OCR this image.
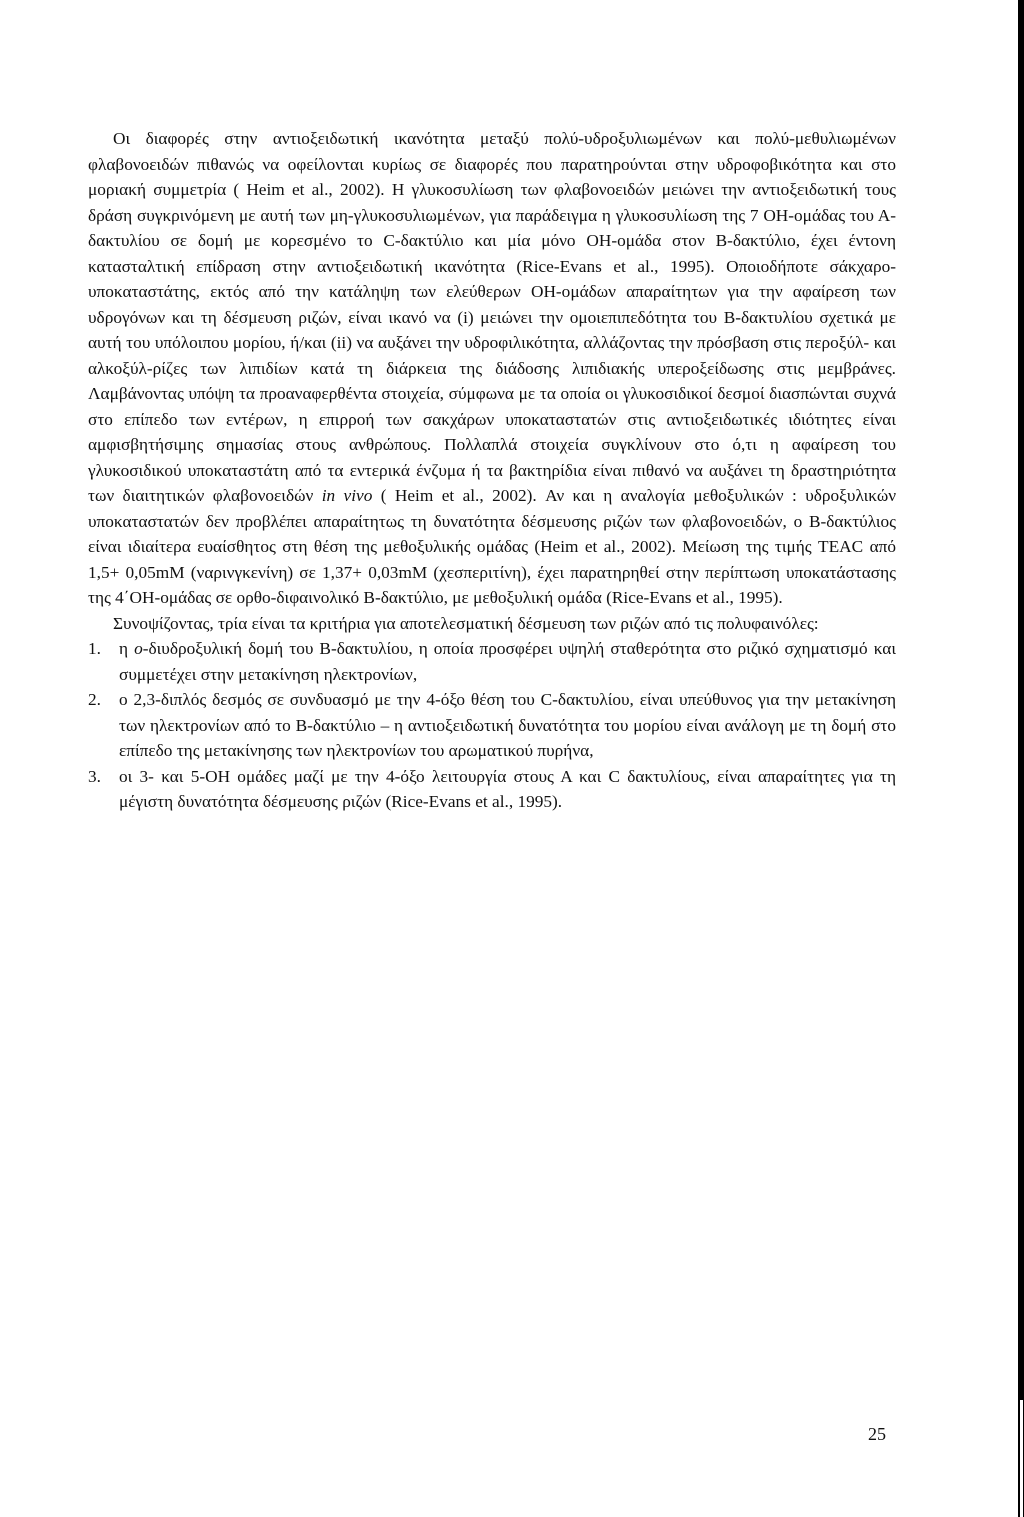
Οι διαφορές στην αντιοξειδωτική ικανότητα μεταξύ πολύ-υδροξυλιωμένων και πολύ-μεθυλιωμένων φλαβονοειδών πιθανώς να οφείλονται κυρίως σε διαφορές που παρατηρούνται στην υδροφοβικότητα και στο μοριακή συμμετρία ( Heim et al., 2002). Η γλυκοσυλίωση των φλαβονοειδών μειώνει την αντιοξειδωτική τους δράση συγκρινόμενη με αυτή των μη-γλυκοσυλιωμένων, για παράδειγμα η γλυκοσυλίωση της 7 ΟΗ-ομάδας του Α- δακτυλίου σε δομή με κορεσμένο το C-δακτύλιο και μία μόνο ΟΗ-ομάδα στον Β-δακτύλιο, έχει έντονη κατασταλτική επίδραση στην αντιοξειδωτική ικανότητα (Rice-Evans et al., 1995). Οποιοδήποτε σάκχαρο-υποκαταστάτης, εκτός από την κατάληψη των ελεύθερων ΟΗ-ομάδων απαραίτητων για την αφαίρεση των υδρογόνων και τη δέσμευση ριζών, είναι ικανό να (i) μειώνει την ομοιεπιπεδότητα του Β-δακτυλίου σχετικά με αυτή του υπόλοιπου μορίου, ή/και (ii) να αυξάνει την υδροφιλικότητα, αλλάζοντας την πρόσβαση στις περοξύλ- και αλκοξύλ-ρίζες των λιπιδίων κατά τη διάρκεια της διάδοσης λιπιδιακής υπεροξείδωσης στις μεμβράνες. Λαμβάνοντας υπόψη τα προαναφερθέντα στοιχεία, σύμφωνα με τα οποία οι γλυκοσιδικοί δεσμοί διασπώνται συχνά στο επίπεδο των εντέρων, η επιρροή των σακχάρων υποκαταστατών στις αντιοξειδωτικές ιδιότητες είναι αμφισβητήσιμης σημασίας στους ανθρώπους. Πολλαπλά στοιχεία συγκλίνουν στο ό,τι η αφαίρεση του γλυκοσιδικού υποκαταστάτη από τα εντερικά ένζυμα ή τα βακτηρίδια είναι πιθανό να αυξάνει τη δραστηριότητα των διαιτητικών φλαβονοειδών in vivo ( Heim et al., 2002). Αν και η αναλογία μεθοξυλικών : υδροξυλικών υποκαταστατών δεν προβλέπει απαραίτητως τη δυνατότητα δέσμευσης ριζών των φλαβονοειδών, ο Β-δακτύλιος είναι ιδιαίτερα ευαίσθητος στη θέση της μεθοξυλικής ομάδας (Heim et al., 2002). Μείωση της τιμής TEAC από 1,5+ 0,05mM (ναρινγκενίνη) σε 1,37+ 0,03mM (χεσπεριτίνη), έχει παρατηρηθεί στην περίπτωση υποκατάστασης της 4΄ΟΗ-ομάδας σε ορθο-διφαινολικό Β-δακτύλιο, με μεθοξυλική ομάδα (Rice-Evans et al., 1995).

Συνοψίζοντας, τρία είναι τα κριτήρια για αποτελεσματική δέσμευση των ριζών από τις πολυφαινόλες:

1. η o-διυδροξυλική δομή του Β-δακτυλίου, η οποία προσφέρει υψηλή σταθερότητα στο ριζικό σχηματισμό και συμμετέχει στην μετακίνηση ηλεκτρονίων,
2. ο 2,3-διπλός δεσμός σε συνδυασμό με την 4-όξο θέση του C-δακτυλίου, είναι υπεύθυνος για την μετακίνηση των ηλεκτρονίων από το Β-δακτύλιο – η αντιοξειδωτική δυνατότητα του μορίου είναι ανάλογη με τη δομή στο επίπεδο της μετακίνησης των ηλεκτρονίων του αρωματικού πυρήνα,
3. οι 3- και 5-ΟΗ ομάδες μαζί με την 4-όξο λειτουργία στους Α και C δακτυλίους, είναι απαραίτητες για τη μέγιστη δυνατότητα δέσμευσης ριζών (Rice-Evans et al., 1995).
25
